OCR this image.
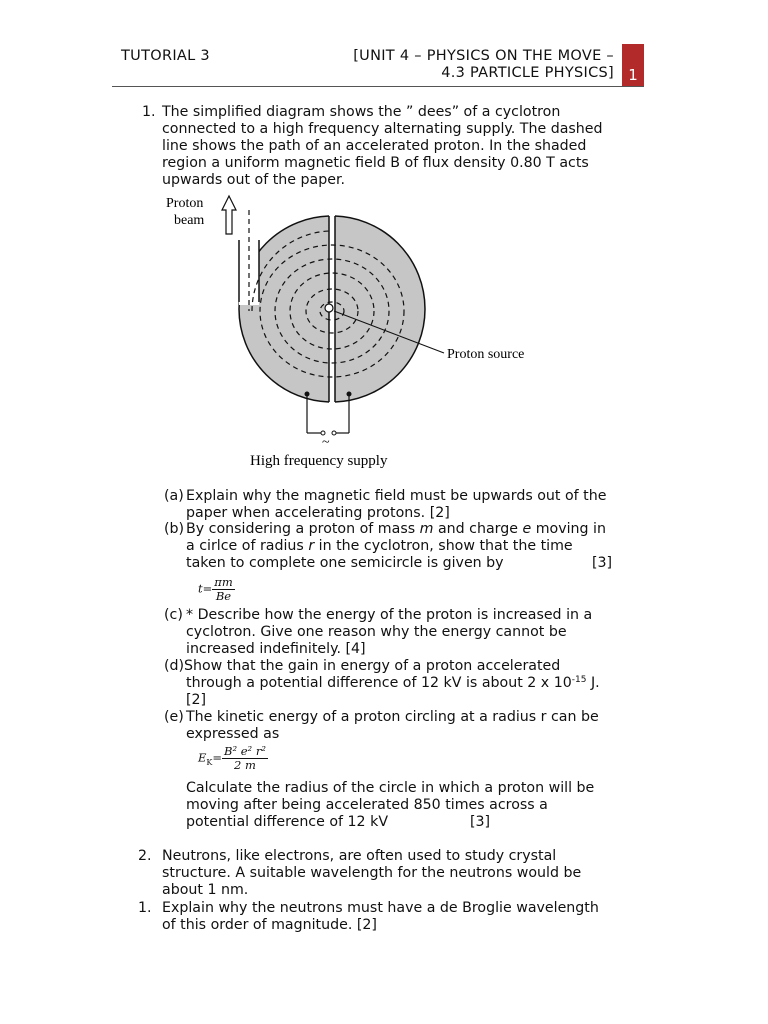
TUTORIAL 3	[UNIT 4 – PHYSICS ON THE MOVE –
4.3 PARTICLE PHYSICS] 1
1. The simplified diagram shows the ” dees” of a cyclotron
connected to a high frequency alternating supply. The dashed
line shows the path of an accelerated proton. In the shaded
region a uniform magnetic field B of flux density 0.80 T acts
upwards out of the paper.
Proton
beam
Proton source
~
High frequency supply
(a) Explain why the magnetic field must be upwards out of the
paper when accelerating protons. [2]
(b) By considering a proton of mass m and charge e moving in
a cirlce of radius r in the cyclotron, show that the time
taken to complete one semicircle is given by	[3]
$t= \frac{\pi m}{Be}$
(c) * Describe how the energy of the proton is increased in a
cyclotron. Give one reason why the energy cannot be
increased indefinitely. [4]
(d) Show that the gain in energy of a proton accelerated
through a potential difference of 12 kV is about 2 x $10^{-15}$ J.
[2]
(e) The kinetic energy of a proton circling at a radius r can be
expressed as
$E_K= \frac{\text{B² e² r²}}{2 m}$
Calculate the radius of the circle in which a proton will be
moving after being accelerated 850 times across a
potential difference of 12 kV	[3]
2. Neutrons, like electrons, are often used to study crystal
structure. A suitable wavelength for the neutrons would be
about 1 nm.
1. Explain why the neutrons must have a de Broglie wavelength
of this order of magnitude. [2]
